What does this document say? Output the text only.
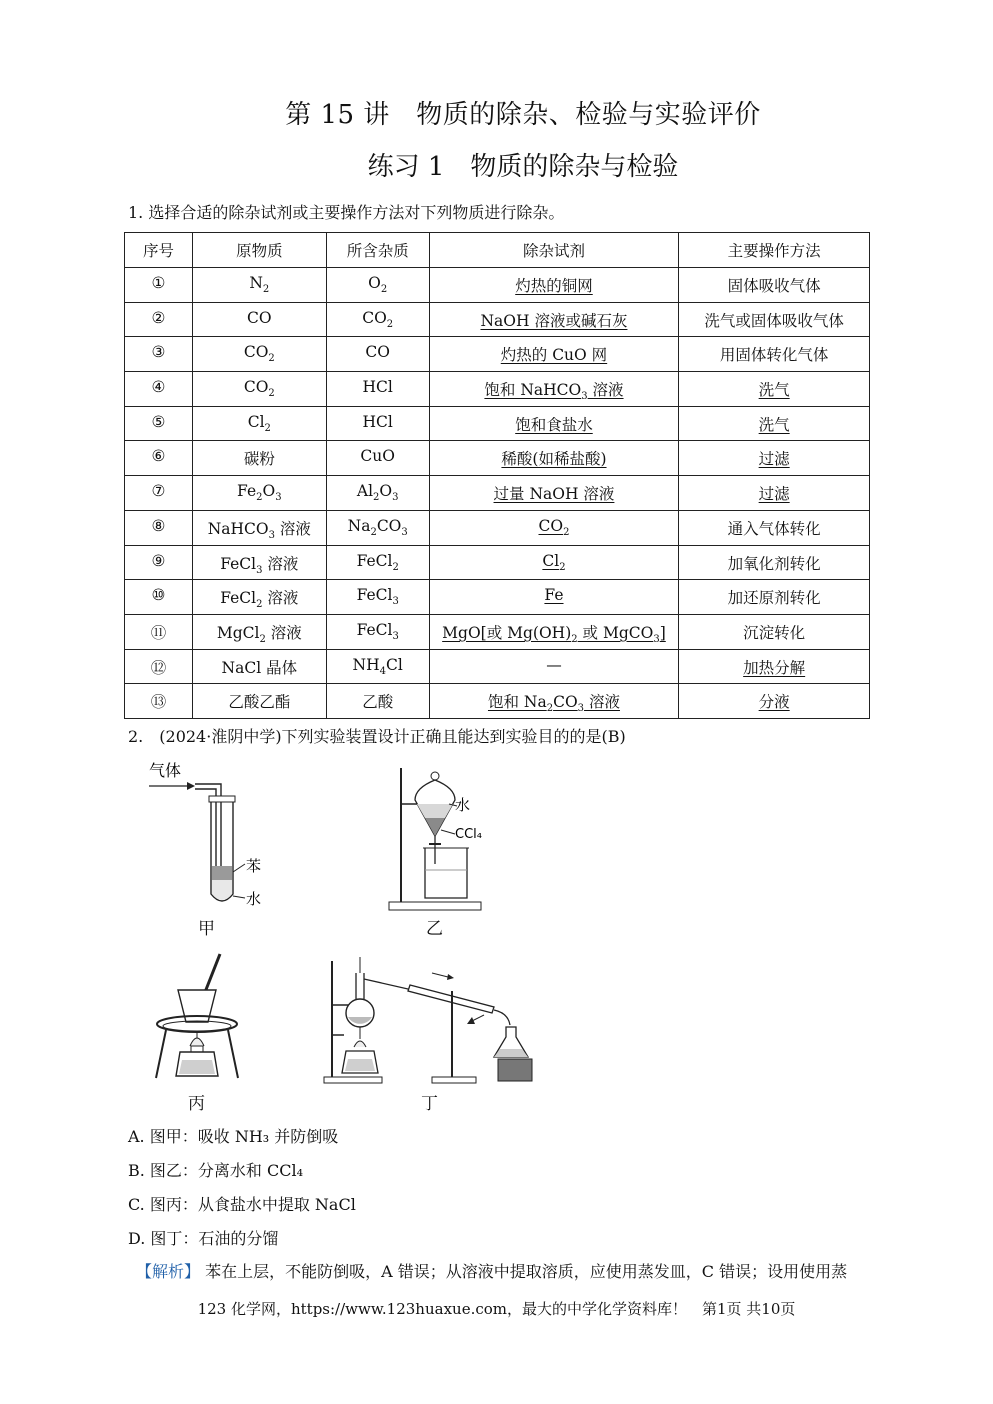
第 15 讲　物质的除杂、检验与实验评价
练习 1　物质的除杂与检验
1. 选择合适的除杂试剂或主要操作方法对下列物质进行除杂。
序号	原物质	所含杂质	除杂试剂	主要操作方法
①	$N_2$	$O_2$	灼热的铜网	固体吸收气体
②	CO	$CO_2$	NaOH 溶液或碱石灰	洗气或固体吸收气体
③	$CO_2$	CO	灼热的 CuO 网	用固体转化气体
④	$CO_2$	HCl	饱和 NaHCO$_3$ 溶液	洗气
⑤	$Cl_2$	HCl	饱和食盐水	洗气
⑥	碳粉	CuO	稀酸(如稀盐酸)	过滤
⑦	$Fe_2O_3$	$Al_2O_3$	过量 NaOH 溶液	过滤
⑧	NaHCO$_3$ 溶液	$Na_2CO_3$	$CO_2$	通入气体转化
⑨	FeCl$_3$ 溶液	FeCl$_2$	$Cl_2$	加氧化剂转化
⑩	FeCl$_2$ 溶液	FeCl$_3$	Fe	加还原剂转化
⑪	MgCl$_2$ 溶液	FeCl$_3$	MgO[或 $Mg(OH)_2$ 或 MgCO$_3$]	沉淀转化
⑫	NaCl 晶体	$NH_4Cl$	—	加热分解
⑬	乙酸乙酯	乙酸	饱和 $Na_2CO_3$ 溶液	分液
2.　(2024·淮阴中学)下列实验装置设计正确且能达到实验目的的是(B)
气体
苯
水
甲
水
CCl₄
乙
丙	丁
A. 图甲：吸收 NH₃ 并防倒吸
B. 图乙：分离水和 CCl₄
C. 图丙：从食盐水中提取 NaCl
D. 图丁：石油的分馏
【解析】 苯在上层，不能防倒吸，A 错误；从溶液中提取溶质，应使用蒸发皿，C 错误；设用使用蒸
123 化学网，https://www.123huaxue.com，最大的中学化学资料库！　第1页 共10页
